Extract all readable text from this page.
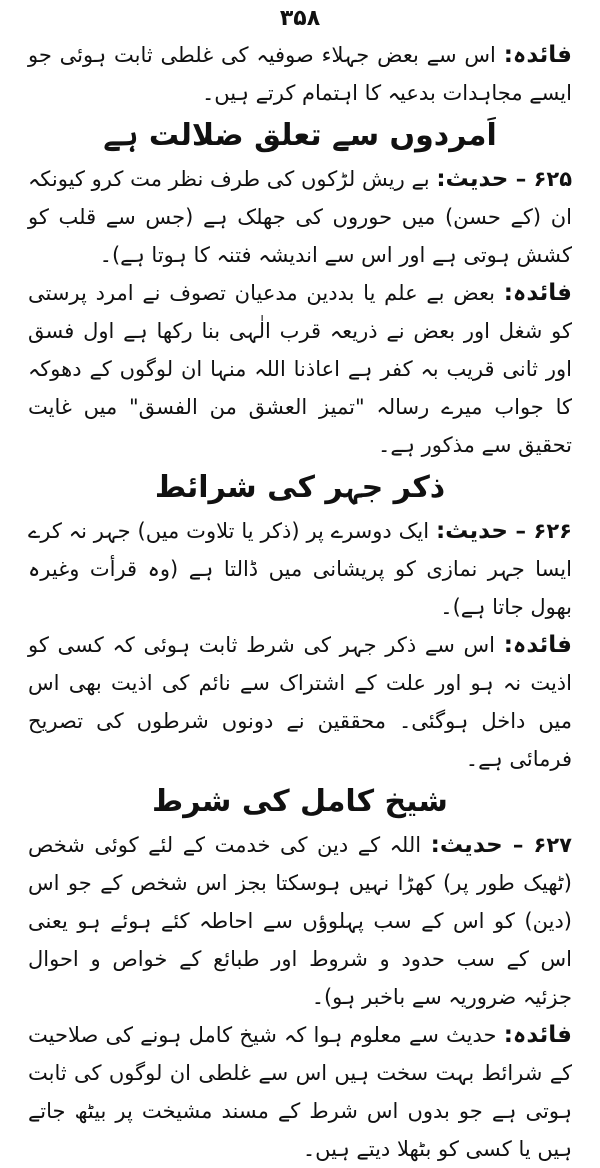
۳۵۸

فائدہ: اس سے بعض جہلاء صوفیہ کی غلطی ثابت ہوئی جو ایسے مجاہدات بدعیہ کا اہتمام کرتے ہیں۔

اَمردوں سے تعلق ضلالت ہے

۶۲۵ – حدیث: بے ریش لڑکوں کی طرف نظر مت کرو کیونکہ ان (کے حسن) میں حوروں کی جھلک ہے (جس سے قلب کو کشش ہوتی ہے اور اس سے اندیشہ فتنہ کا ہوتا ہے)۔

فائدہ: بعض بے علم یا بددین مدعیان تصوف نے امرد پرستی کو شغل اور بعض نے ذریعہ قرب الٰہی بنا رکھا ہے اول فسق اور ثانی قریب بہ کفر ہے اعاذنا اللہ منہا ان لوگوں کے دھوکہ کا جواب میرے رسالہ "تمیز العشق من الفسق" میں غایت تحقیق سے مذکور ہے۔

ذکر جہر کی شرائط

۶۲۶ – حدیث: ایک دوسرے پر (ذکر یا تلاوت میں) جہر نہ کرے ایسا جہر نمازی کو پریشانی میں ڈالتا ہے (وہ قرأت وغیرہ بھول جاتا ہے)۔

فائدہ: اس سے ذکر جہر کی شرط ثابت ہوئی کہ کسی کو اذیت نہ ہو اور علت کے اشتراک سے نائم کی اذیت بھی اس میں داخل ہوگئی۔ محققین نے دونوں شرطوں کی تصریح فرمائی ہے۔

شیخ کامل کی شرط

۶۲۷ – حدیث: اللہ کے دین کی خدمت کے لئے کوئی شخص (ٹھیک طور پر) کھڑا نہیں ہوسکتا بجز اس شخص کے جو اس (دین) کو اس کے سب پہلوؤں سے احاطہ کئے ہوئے ہو یعنی اس کے سب حدود و شروط اور طبائع کے خواص و احوال جزئیہ ضروریہ سے باخبر ہو)۔

فائدہ: حدیث سے معلوم ہوا کہ شیخ کامل ہونے کی صلاحیت کے شرائط بہت سخت ہیں اس سے غلطی ان لوگوں کی ثابت ہوتی ہے جو بدوں اس شرط کے مسند مشیخت پر بیٹھ جاتے ہیں یا کسی کو بٹھلا دیتے ہیں۔
